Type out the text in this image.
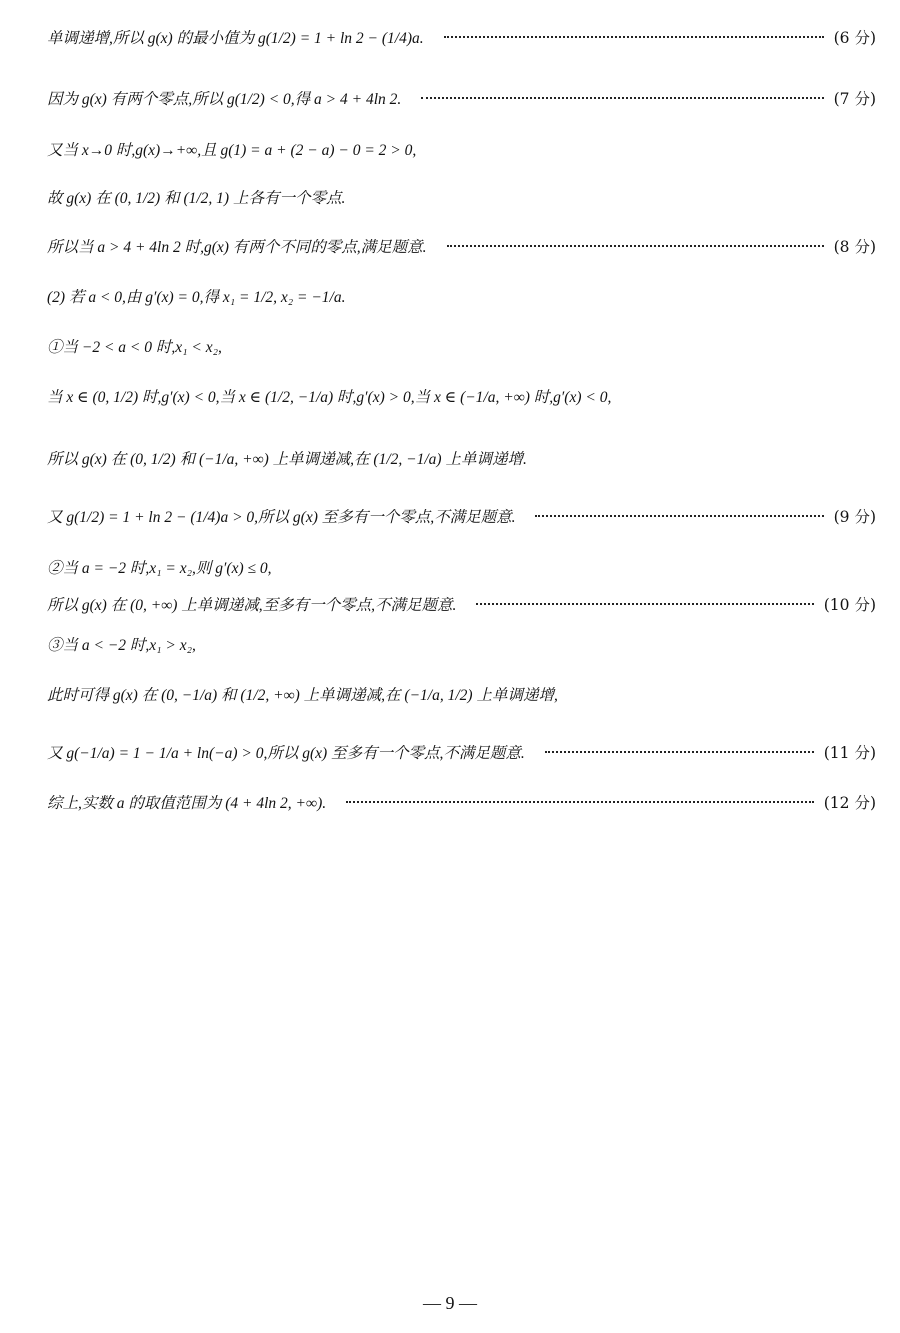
单调递增,所以 g(x) 的最小值为 g(1/2) = 1 + ln 2 − (1/4)a.	(6 分)
因为 g(x) 有两个零点,所以 g(1/2) < 0,得 a > 4 + 4ln 2.	(7 分)
又当 x→0 时,g(x)→+∞,且 g(1) = a + (2 − a) − 0 = 2 > 0,
故 g(x) 在 (0, 1/2) 和 (1/2, 1) 上各有一个零点.
所以当 a > 4 + 4ln 2 时,g(x) 有两个不同的零点,满足题意.	(8 分)
(2) 若 a < 0,由 g′(x) = 0,得 x₁ = 1/2, x₂ = −1/a.
①当 −2 < a < 0 时,x₁ < x₂,
当 x ∈ (0, 1/2) 时,g′(x) < 0,当 x ∈ (1/2, −1/a) 时,g′(x) > 0,当 x ∈ (−1/a, +∞) 时,g′(x) < 0,
所以 g(x) 在 (0, 1/2) 和 (−1/a, +∞) 上单调递减,在 (1/2, −1/a) 上单调递增.
又 g(1/2) = 1 + ln 2 − (1/4)a > 0,所以 g(x) 至多有一个零点,不满足题意.	(9 分)
②当 a = −2 时,x₁ = x₂,则 g′(x) ≤ 0,
所以 g(x) 在 (0, +∞) 上单调递减,至多有一个零点,不满足题意.	(10 分)
③当 a < −2 时,x₁ > x₂,
此时可得 g(x) 在 (0, −1/a) 和 (1/2, +∞) 上单调递减,在 (−1/a, 1/2) 上单调递增,
又 g(−1/a) = 1 − 1/a + ln(−a) > 0,所以 g(x) 至多有一个零点,不满足题意.	(11 分)
综上,实数 a 的取值范围为 (4 + 4ln 2, +∞).	(12 分)
— 9 —
